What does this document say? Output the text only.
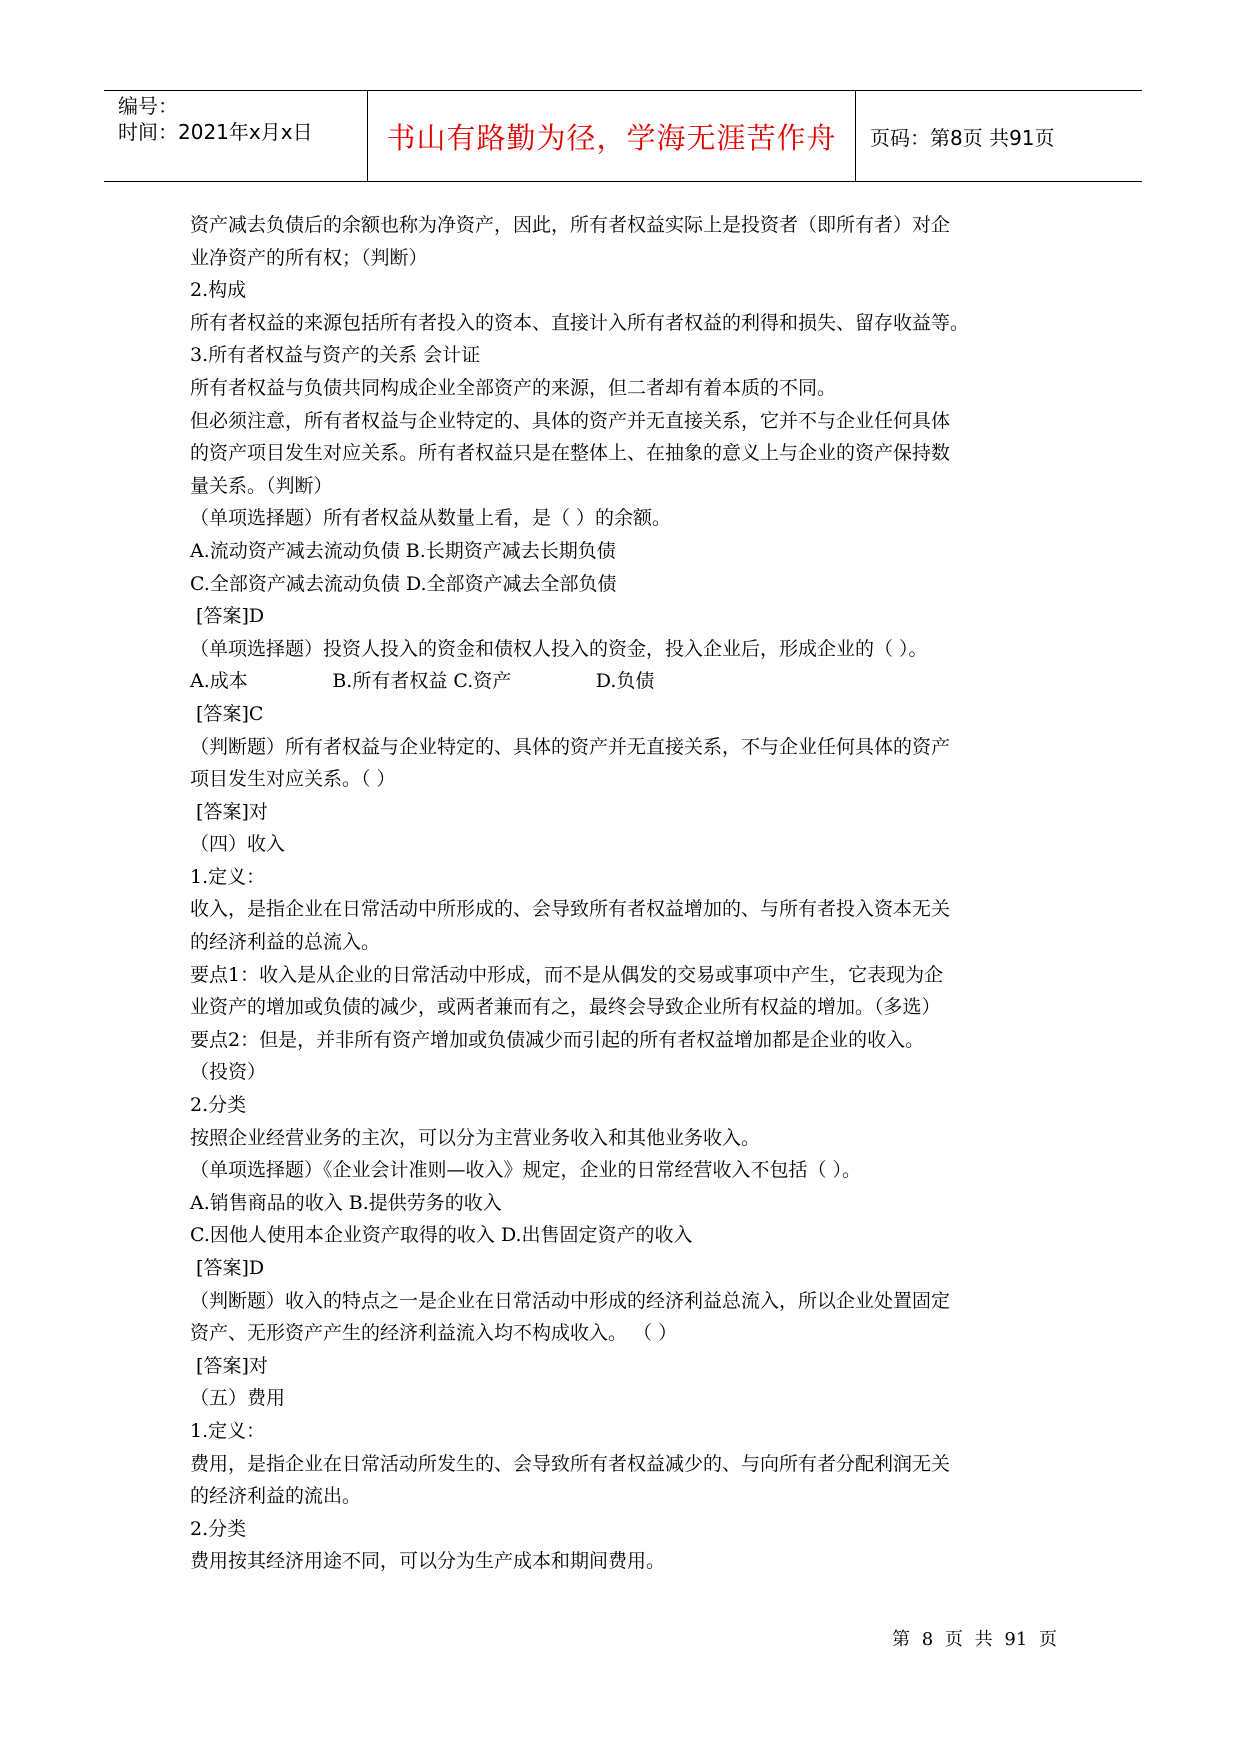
编号：
时间：2021年x月x日	书山有路勤为径，学海无涯苦作舟	页码：第8页 共91页

资产减去负债后的余额也称为净资产，因此，所有者权益实际上是投资者（即所有者）对企

业净资产的所有权；（判断）

2.构成

所有者权益的来源包括所有者投入的资本、直接计入所有者权益的利得和损失、留存收益等。

3.所有者权益与资产的关系 会计证

所有者权益与负债共同构成企业全部资产的来源，但二者却有着本质的不同。

但必须注意，所有者权益与企业特定的、具体的资产并无直接关系，它并不与企业任何具体

的资产项目发生对应关系。所有者权益只是在整体上、在抽象的意义上与企业的资产保持数

量关系。（判断）

（单项选择题）所有者权益从数量上看，是（ ）的余额。

A.流动资产减去流动负债 B.长期资产减去长期负债

C.全部资产减去流动负债 D.全部资产减去全部负债

[答案]D

（单项选择题）投资人投入的资金和债权人投入的资金，投入企业后，形成企业的（ ）。

A.成本              B.所有者权益 C.资产              D.负债

[答案]C

（判断题）所有者权益与企业特定的、具体的资产并无直接关系，不与企业任何具体的资产

项目发生对应关系。（ ）

[答案]对

（四）收入

1.定义：

收入，是指企业在日常活动中所形成的、会导致所有者权益增加的、与所有者投入资本无关

的经济利益的总流入。

要点1：收入是从企业的日常活动中形成，而不是从偶发的交易或事项中产生，它表现为企

业资产的增加或负债的减少，或两者兼而有之，最终会导致企业所有权益的增加。（多选）

要点2：但是，并非所有资产增加或负债减少而引起的所有者权益增加都是企业的收入。

（投资）

2.分类

按照企业经营业务的主次，可以分为主营业务收入和其他业务收入。

（单项选择题）《企业会计准则—收入》规定，企业的日常经营收入不包括（ ）。

A.销售商品的收入 B.提供劳务的收入

C.因他人使用本企业资产取得的收入 D.出售固定资产的收入

[答案]D

（判断题）收入的特点之一是企业在日常活动中形成的经济利益总流入，所以企业处置固定

资产、无形资产产生的经济利益流入均不构成收入。 （ ）

[答案]对

（五）费用

1.定义：

费用，是指企业在日常活动所发生的、会导致所有者权益减少的、与向所有者分配利润无关

的经济利益的流出。

2.分类

费用按其经济用途不同，可以分为生产成本和期间费用。

第 8 页 共 91 页
